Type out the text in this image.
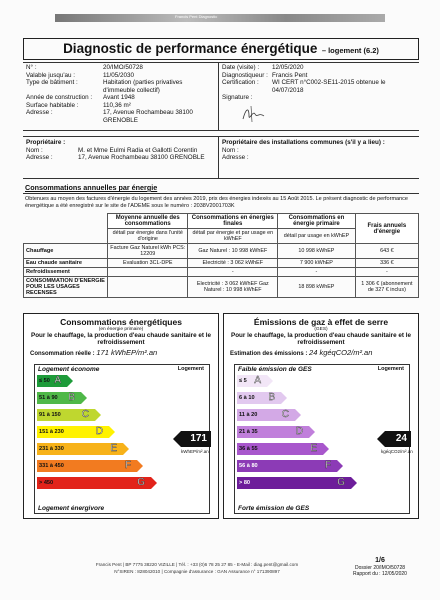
Francis Pent Diagnostic
Diagnostic de performance énergétique – logement (6.2)
N° :	20/IMO/50728
Valable jusqu'au :	11/05/2030
Type de bâtiment :	Habitation (parties privatives d'immeuble collectif)
Année de construction :	Avant 1948
Surface habitable :	110,36 m²
Adresse :	17, Avenue Rochambeau 38100 GRENOBLE
Date (visite) :	12/05/2020
Diagnostiqueur : Francis Pent
Certification :	WI CERT n°C002-SE11-2015 obtenue le 04/07/2018
Signature :
Propriétaire :
Nom :	M. et Mme Eulmi Radia et Gallotti Corentin
Adresse :	17, Avenue Rochambeau 38100 GRENOBLE
Propriétaire des installations communes (s'il y a lieu) :
Nom :
Adresse :
Consommations annuelles par énergie
Obtenues au moyen des factures d'énergie du logement des années 2019, prix des énergies indexés au 15 Août 2015. Le présent diagnostic de performance énergétique a été enregistré sur le site de l'ADEME sous le numéro : 2038V2001703K
	Moyenne annuelle des consommations	Consommations en énergies finales	Consommations en énergie primaire	Frais annuels d'énergie
	détail par énergie dans l'unité d'origine	détail par énergie et par usage en kWhEF	détail par usage en kWhEP	
Chauffage	Facture Gaz Naturel kWh PCS: 12209	Gaz Naturel : 10 998 kWhEF	10 998 kWhEP	643 €
Eau chaude sanitaire	Evaluation 3CL-DPE	Electricité : 3 062 kWhEF	7 900 kWhEP	336 €
Refroidissement		-	-	-
CONSOMMATION D'ENERGIE POUR LES USAGES RECENSES		Electricité : 3 062 kWhEF Gaz Naturel : 10 998 kWhEF	18 898 kWhEP	1 306 € (abonnement de 327 € inclus)
Consommations énergétiques
(en énergie primaire)
Pour le chauffage, la production d'eau chaude sanitaire et le refroidissement
Consommation réelle : 171 kWhEP/m².an
Logement économe	Logement
Logement énergivore
171
kWhEP/m².an
≤ 50 A
51 à 90 B
91 à 150 C
151 à 230	D
231 à 330	E
331 à 450	F
> 450	G
Émissions de gaz à effet de serre
(GES)
Pour le chauffage, la production d'eau chaude sanitaire et le refroidissement
Estimation des émissions : 24 kgéqCO2/m².an
Faible émission de GES	Logement
Forte émission de GES
24
kgéqCO2/m².an
≤ 5 A
6 à 10 B
11 à 20 C
21 à 35	D
36 à 55	E
56 à 80	F
> 80	G
Francis Pent | BP 7775 38220 VIZILLE | Tél. : +33 (0)6 78 25 27 85 - E-Mail : diag.pent@gmail.com
N°SIREN : 828042010 | Compagnie d'assurance : GAN Assurance n° 171390897
1/6
Dossier 20/IMO/50728
Rapport du : 12/05/2020
